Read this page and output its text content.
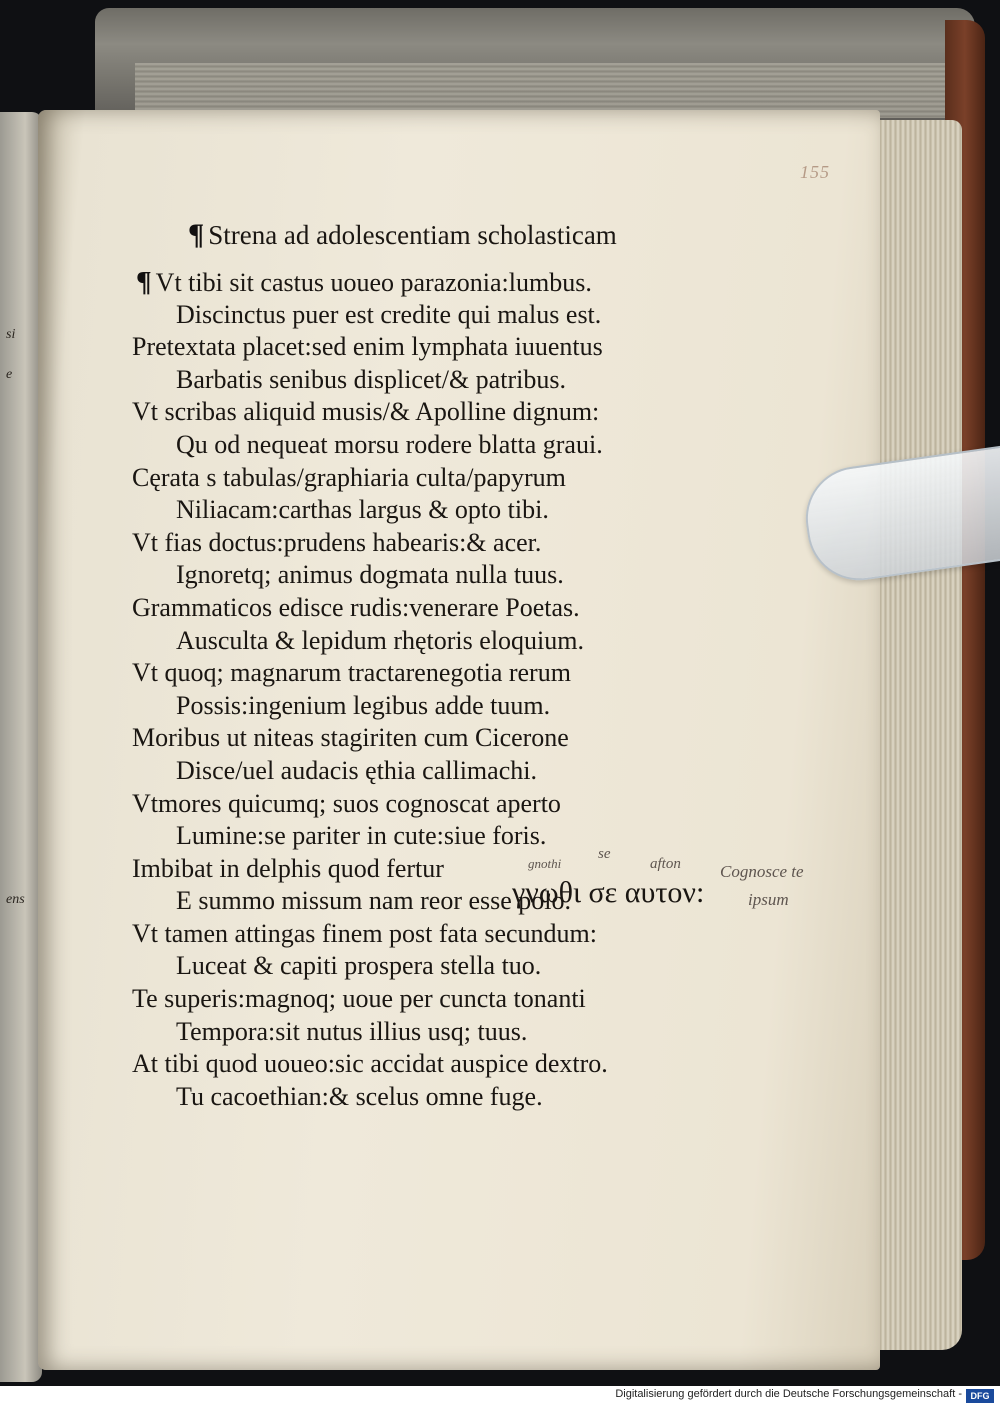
si
e
ens
155
¶ Strena ad adolescentiam scholasticam
¶ Vt tibi sit castus uoueo parazonia:lumbus.
Discinctus puer est credite qui malus est.
Pretextata placet:sed enim lymphata iuuentus
Barbatis senibus displicet/& patribus.
Vt scribas aliquid musis/& Apolline dignum:
Qu od nequeat morsu rodere blatta graui.
Cęrata s tabulas/graphiaria culta/papyrum
Niliacam:carthas largus & opto tibi.
Vt fias doctus:prudens habearis:& acer.
Ignoretq; animus dogmata nulla tuus.
Grammaticos edisce rudis:venerare Poetas.
Ausculta & lepidum rhętoris eloquium.
Vt quoq; magnarum tractarenegotia rerum
Possis:ingenium legibus adde tuum.
Moribus ut niteas stagiriten cum Cicerone
Disce/uel audacis ęthia callimachi.
Vtmores quicumq; suos cognoscat aperto
Lumine:se pariter in cute:siue foris.
Imbibat in delphis quod fertur
E summo missum nam reor esse polo.
Vt tamen attingas finem post fata secundum:
Luceat & capiti prospera stella tuo.
Te superis:magnoq; uoue per cuncta tonanti
Tempora:sit nutus illius usq; tuus.
At tibi quod uoueo:sic accidat auspice dextro.
Tu cacoethian:& scelus omne fuge.
γνωθι σε αυτον:
gnothi
se
afton Cognosce te
ipsum
Digitalisierung gefördert durch die Deutsche Forschungsgemeinschaft - DFG
